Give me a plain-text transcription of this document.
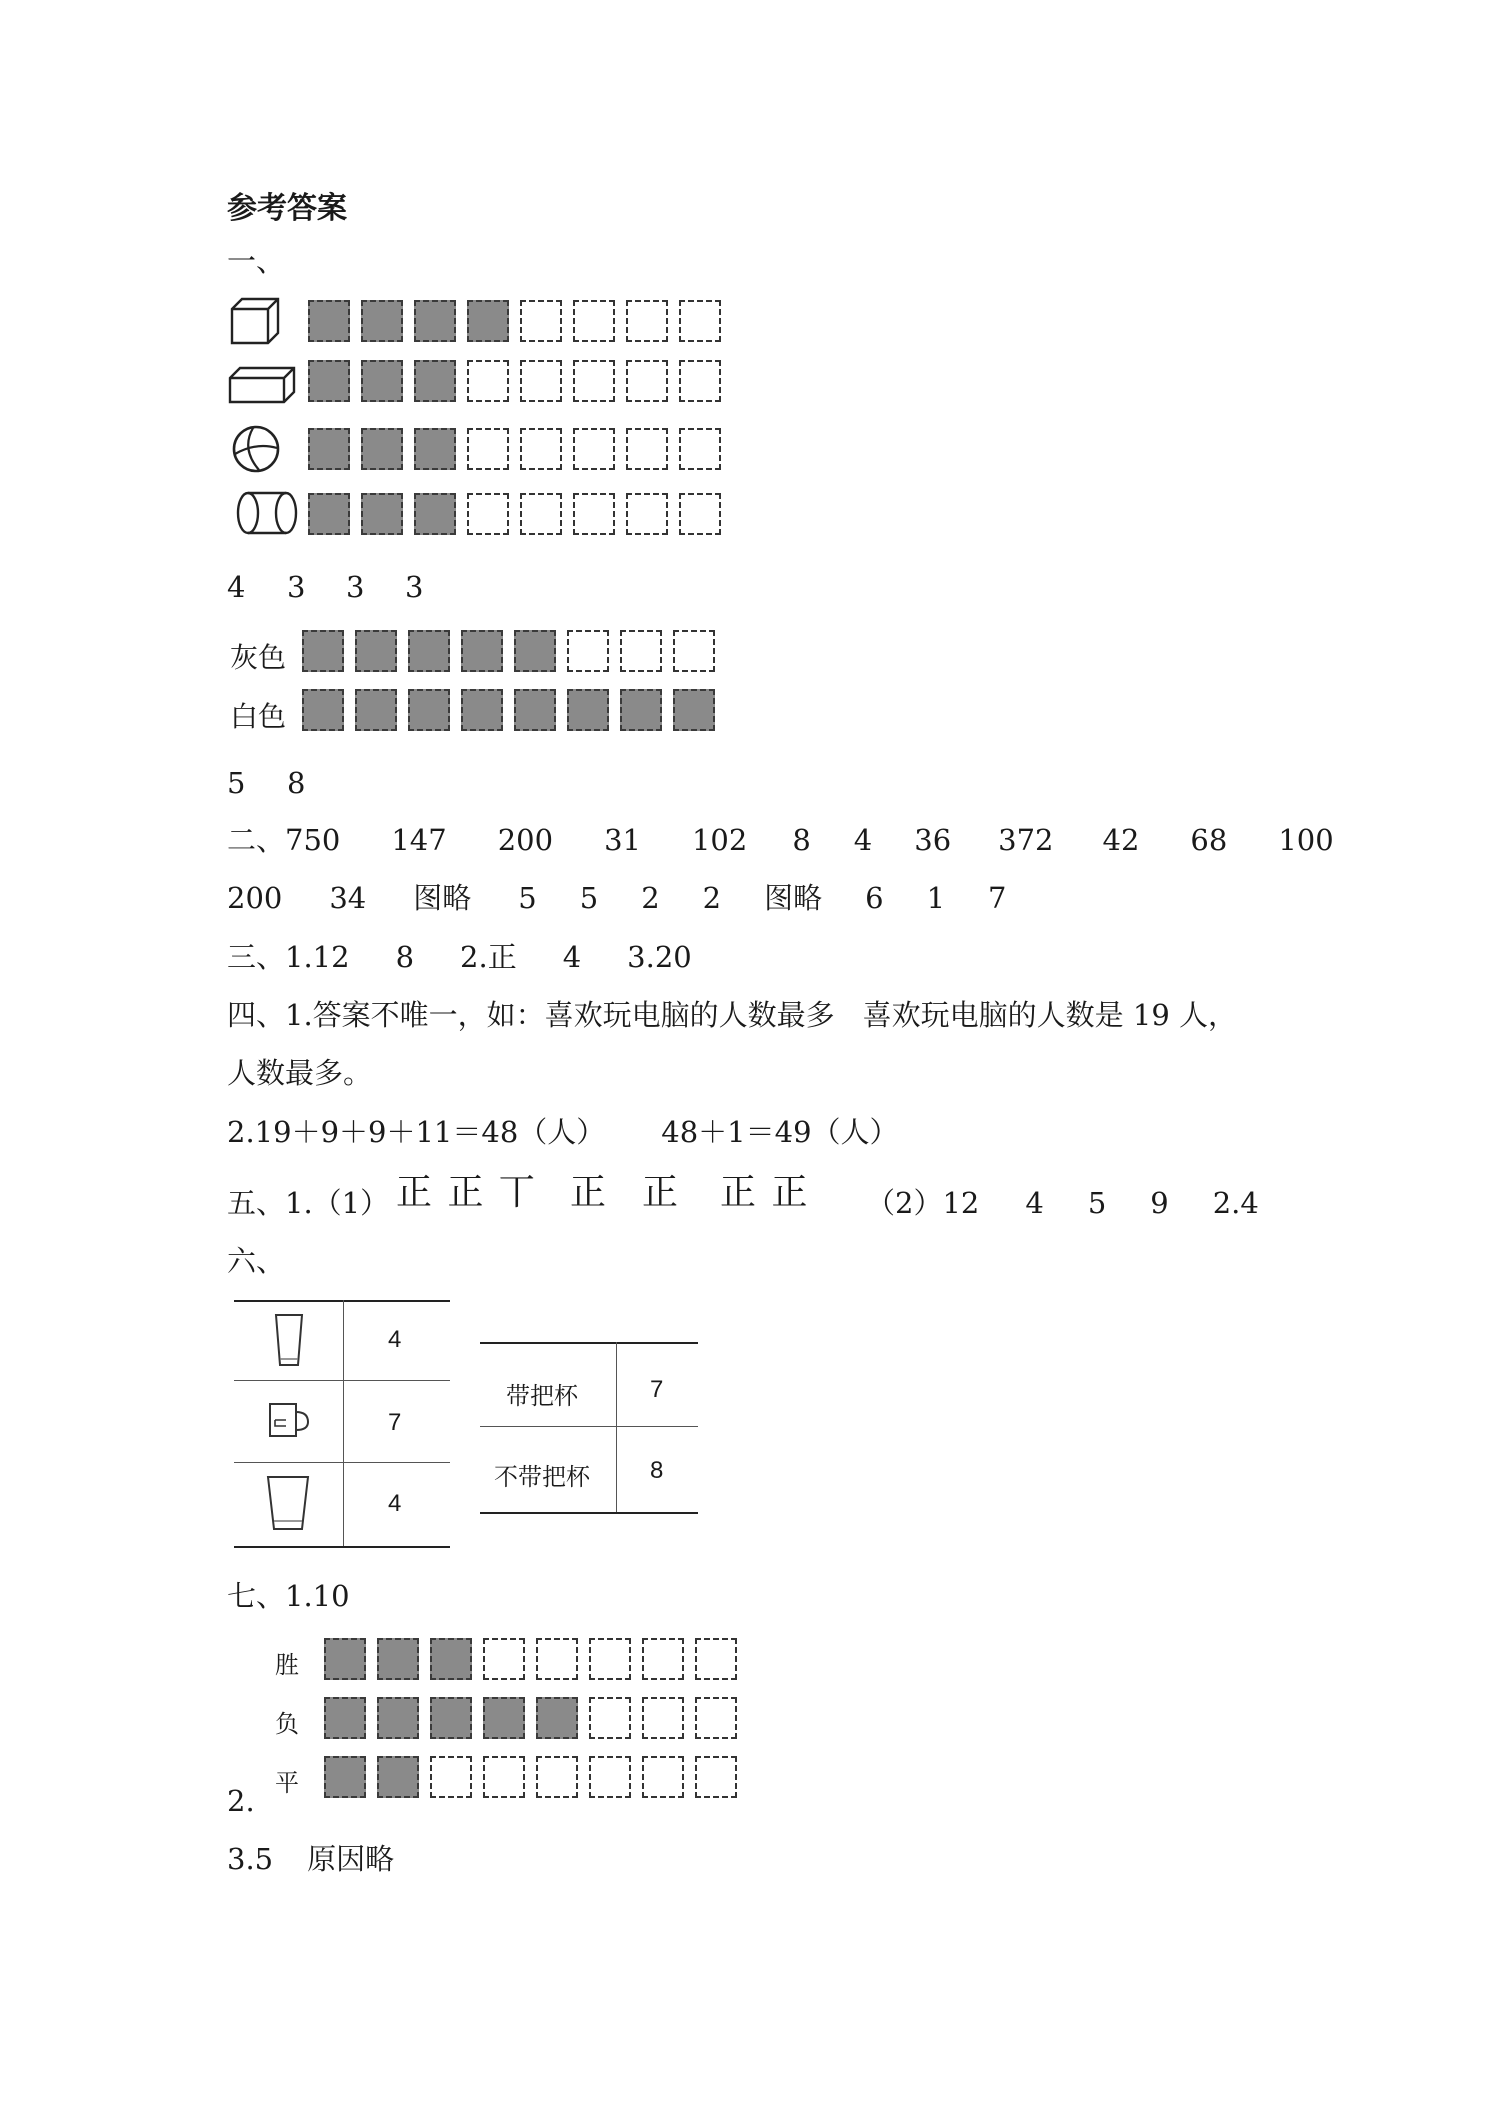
参考答案
一、
4 3 3 3
灰色
白色
5 8
二、750 147 200 31 102 8 4 36 372 42 68 100
200 34 图略 5 5 2 2 图略 6 1 7
三、1.12 8 2.正 4 3.20
四、1.答案不唯一，如：喜欢玩电脑的人数最多 喜欢玩电脑的人数是 19 人，
人数最多。
2.19＋9＋9＋11＝48（人） 48＋1＝49（人）
五、1.（1） 正 正 丅 正 正 正 正 （2）12 4 5 9 2.4
六、
4
7
4
带把杯	7
不带把杯	8
七、1.10
胜
负
平
2.
3.5 原因略
